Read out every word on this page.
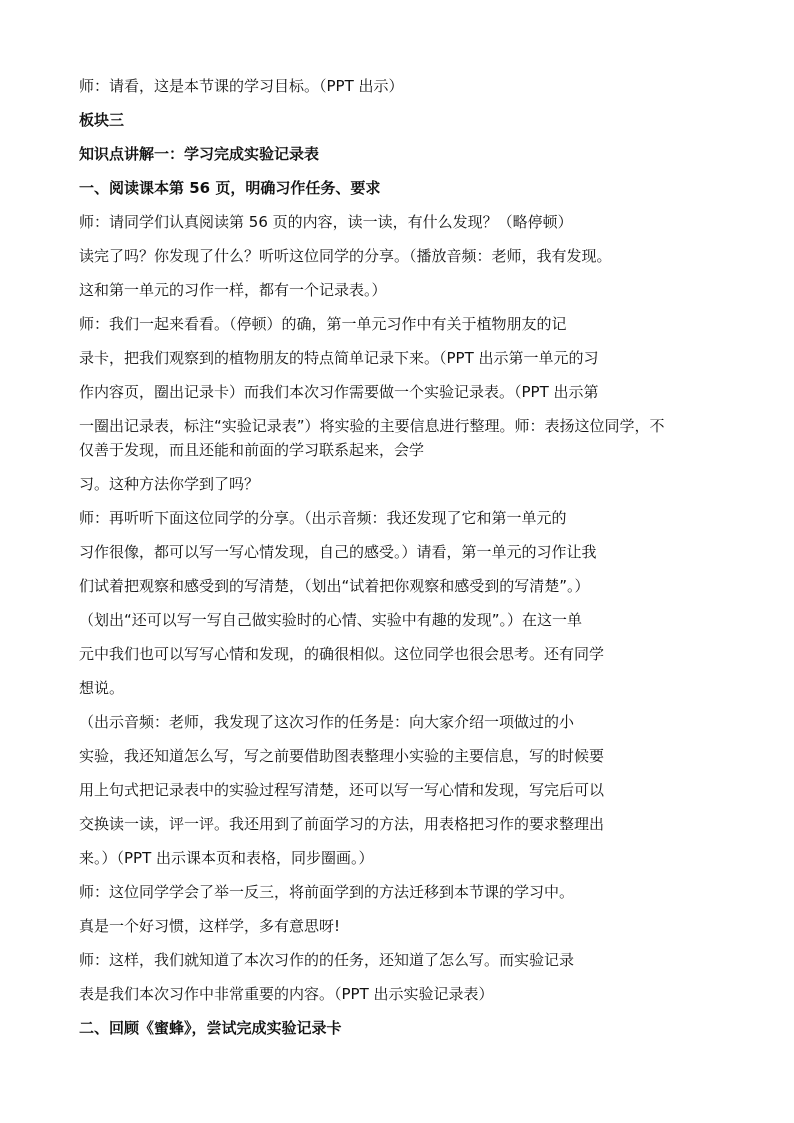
师：请看，这是本节课的学习目标。（PPT 出示）
板块三
知识点讲解一：学习完成实验记录表
一、阅读课本第 56 页，明确习作任务、要求
师：请同学们认真阅读第 56 页的内容，读一读，有什么发现？（略停顿）
读完了吗？你发现了什么？听听这位同学的分享。（播放音频：老师，我有发现。
这和第一单元的习作一样，都有一个记录表。）
师：我们一起来看看。（停顿）的确，第一单元习作中有关于植物朋友的记
录卡，把我们观察到的植物朋友的特点简单记录下来。（PPT 出示第一单元的习
作内容页，圈出记录卡）而我们本次习作需要做一个实验记录表。（PPT 出示第
一圈出记录表，标注“实验记录表”）将实验的主要信息进行整理。师：表扬这位同学，不
仅善于发现，而且还能和前面的学习联系起来，会学
习。这种方法你学到了吗？
师：再听听下面这位同学的分享。（出示音频：我还发现了它和第一单元的
习作很像，都可以写一写心情发现，自己的感受。）请看，第一单元的习作让我
们试着把观察和感受到的写清楚，（划出“试着把你观察和感受到的写清楚”。）
（划出“还可以写一写自己做实验时的心情、实验中有趣的发现”。）在这一单
元中我们也可以写写心情和发现，的确很相似。这位同学也很会思考。还有同学
想说。
（出示音频：老师，我发现了这次习作的任务是：向大家介绍一项做过的小
实验，我还知道怎么写，写之前要借助图表整理小实验的主要信息，写的时候要
用上句式把记录表中的实验过程写清楚，还可以写一写心情和发现，写完后可以
交换读一读，评一评。我还用到了前面学习的方法，用表格把习作的要求整理出
来。）（PPT 出示课本页和表格，同步圈画。）
师：这位同学学会了举一反三，将前面学到的方法迁移到本节课的学习中。
真是一个好习惯，这样学，多有意思呀!
师：这样，我们就知道了本次习作的的任务，还知道了怎么写。而实验记录
表是我们本次习作中非常重要的内容。（PPT 出示实验记录表）
二、回顾《蜜蜂》，尝试完成实验记录卡
